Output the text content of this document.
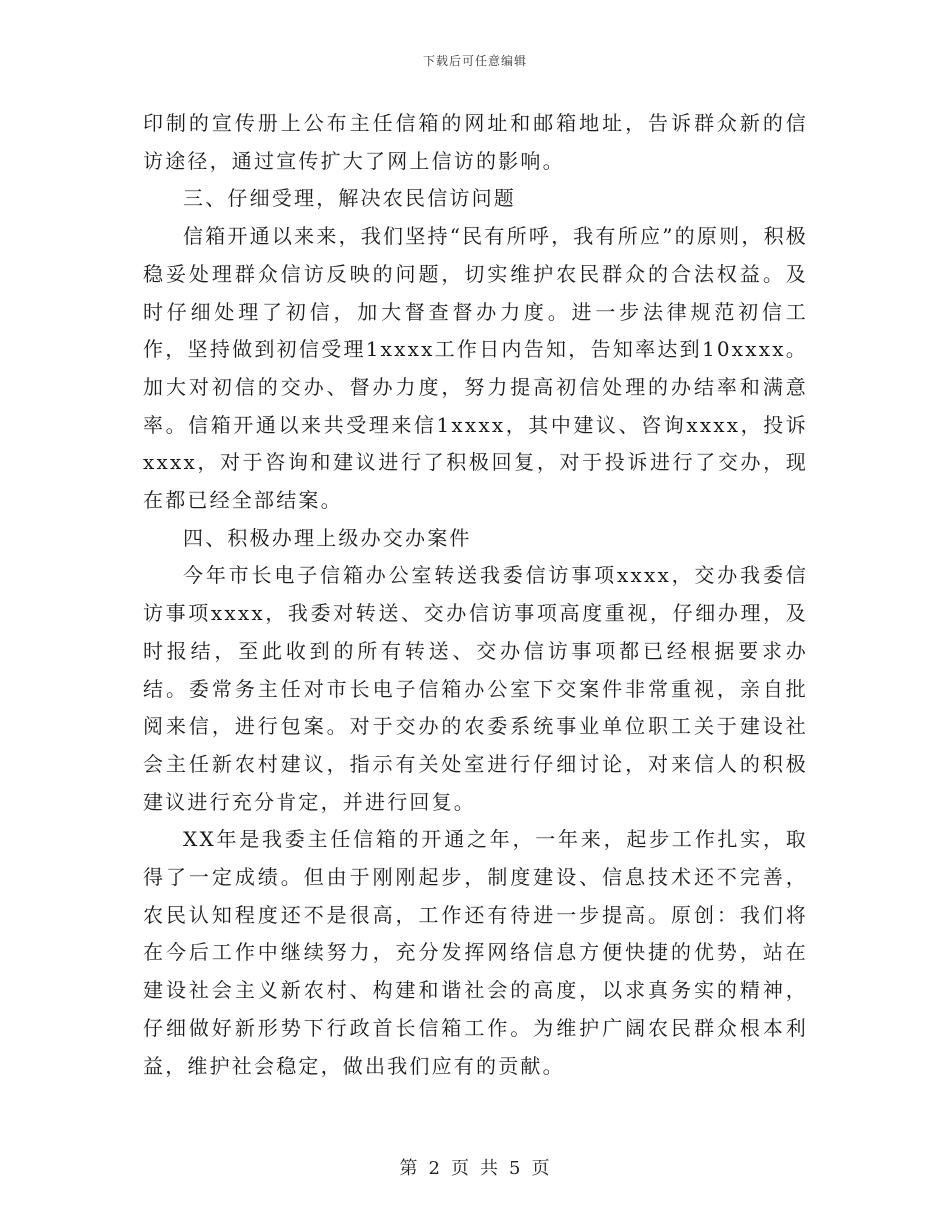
下载后可任意编辑

印制的宣传册上公布主任信箱的网址和邮箱地址，告诉群众新的信访途径，通过宣传扩大了网上信访的影响。

三、仔细受理，解决农民信访问题

信箱开通以来来，我们坚持“民有所呼，我有所应”的原则，积极稳妥处理群众信访反映的问题，切实维护农民群众的合法权益。及时仔细处理了初信，加大督查督办力度。进一步法律规范初信工作，坚持做到初信受理1xxxx工作日内告知，告知率达到10xxxx。加大对初信的交办、督办力度，努力提高初信处理的办结率和满意率。信箱开通以来共受理来信1xxxx，其中建议、咨询xxxx，投诉xxxx，对于咨询和建议进行了积极回复，对于投诉进行了交办，现在都已经全部结案。

四、积极办理上级办交办案件

今年市长电子信箱办公室转送我委信访事项xxxx，交办我委信访事项xxxx，我委对转送、交办信访事项高度重视，仔细办理，及时报结，至此收到的所有转送、交办信访事项都已经根据要求办结。委常务主任对市长电子信箱办公室下交案件非常重视，亲自批阅来信，进行包案。对于交办的农委系统事业单位职工关于建设社会主任新农村建议，指示有关处室进行仔细讨论，对来信人的积极建议进行充分肯定，并进行回复。

XX年是我委主任信箱的开通之年，一年来，起步工作扎实，取得了一定成绩。但由于刚刚起步，制度建设、信息技术还不完善，农民认知程度还不是很高，工作还有待进一步提高。原创：我们将在今后工作中继续努力，充分发挥网络信息方便快捷的优势，站在建设社会主义新农村、构建和谐社会的高度，以求真务实的精神，仔细做好新形势下行政首长信箱工作。为维护广阔农民群众根本利益，维护社会稳定，做出我们应有的贡献。

第 2 页 共 5 页
